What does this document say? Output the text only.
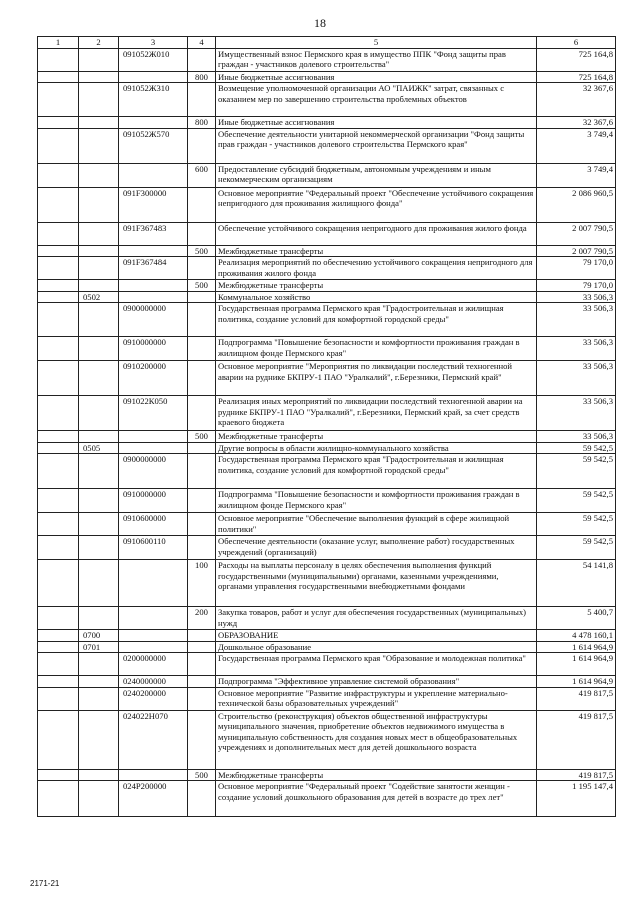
18
1	2	3	4	5	6
		091052Ж010		Имущественный взнос Пермского края в имущество ППК "Фонд защиты прав граждан - участников долевого строительства"	725 164,8
			800	Иные бюджетные ассигнования	725 164,8
		091052Ж310		Возмещение уполномоченной организации АО "ПАИЖК" затрат, связанных с оказанием мер по завершению строительства проблемных объектов	32 367,6
			800	Иные бюджетные ассигнования	32 367,6
		091052Ж570		Обеспечение деятельности унитарной некоммерческой организации "Фонд защиты прав граждан - участников долевого строительства Пермского края"	3 749,4
			600	Предоставление субсидий бюджетным, автономным учреждениям и иным некоммерческим организациям	3 749,4
		091F300000		Основное мероприятие "Федеральный проект "Обеспечение устойчивого сокращения непригодного для проживания жилищного фонда"	2 086 960,5
		091F367483		Обеспечение устойчивого сокращения непригодного для проживания жилого фонда	2 007 790,5
			500	Межбюджетные трансферты	2 007 790,5
		091F367484		Реализация мероприятий по обеспечению устойчивого сокращения непригодного для проживания жилого фонда	79 170,0
			500	Межбюджетные трансферты	79 170,0
	0502			Коммунальное хозяйство	33 506,3
		0900000000		Государственная программа Пермского края "Градостроительная и жилищная политика, создание условий для комфортной городской среды"	33 506,3
		0910000000		Подпрограмма "Повышение безопасности и комфортности проживания граждан в жилищном фонде Пермского края"	33 506,3
		0910200000		Основное мероприятие "Мероприятия по ликвидации последствий техногенной аварии на руднике БКПРУ-1 ПАО "Уралкалий", г.Березники, Пермский край"	33 506,3
		091022К050		Реализация иных мероприятий по ликвидации последствий техногенной аварии на руднике БКПРУ-1 ПАО "Уралкалий", г.Березники, Пермский край, за счет средств краевого бюджета	33 506,3
			500	Межбюджетные трансферты	33 506,3
	0505			Другие вопросы в области жилищно-коммунального хозяйства	59 542,5
		0900000000		Государственная программа Пермского края "Градостроительная и жилищная политика, создание условий для комфортной городской среды"	59 542,5
		0910000000		Подпрограмма "Повышение безопасности и комфортности проживания граждан в жилищном фонде Пермского края"	59 542,5
		0910600000		Основное мероприятие "Обеспечение выполнения функций в сфере жилищной политики"	59 542,5
		0910600110		Обеспечение деятельности (оказание услуг, выполнение работ) государственных учреждений (организаций)	59 542,5
			100	Расходы на выплаты персоналу в целях обеспечения выполнения функций государственными (муниципальными) органами, казенными учреждениями, органами управления государственными внебюджетными фондами	54 141,8
			200	Закупка товаров, работ и услуг для обеспечения государственных (муниципальных) нужд	5 400,7
	0700			ОБРАЗОВАНИЕ	4 478 160,1
	0701			Дошкольное образование	1 614 964,9
		0200000000		Государственная программа Пермского края "Образование и молодежная политика"	1 614 964,9
		0240000000		Подпрограмма "Эффективное управление системой образования"	1 614 964,9
		0240200000		Основное мероприятие "Развитие инфраструктуры и укрепление материально-технической базы образовательных учреждений"	419 817,5
		024022Н070		Строительство (реконструкция) объектов общественной инфраструктуры муниципального значения, приобретение объектов недвижимого имущества в муниципальную собственность для создания новых мест в общеобразовательных учреждениях и дополнительных мест для детей дошкольного возраста	419 817,5
			500	Межбюджетные трансферты	419 817,5
		024Р200000		Основное мероприятие "Федеральный проект "Содействие занятости женщин - создание условий дошкольного образования для детей в возрасте до трех лет"	1 195 147,4
2171-21
